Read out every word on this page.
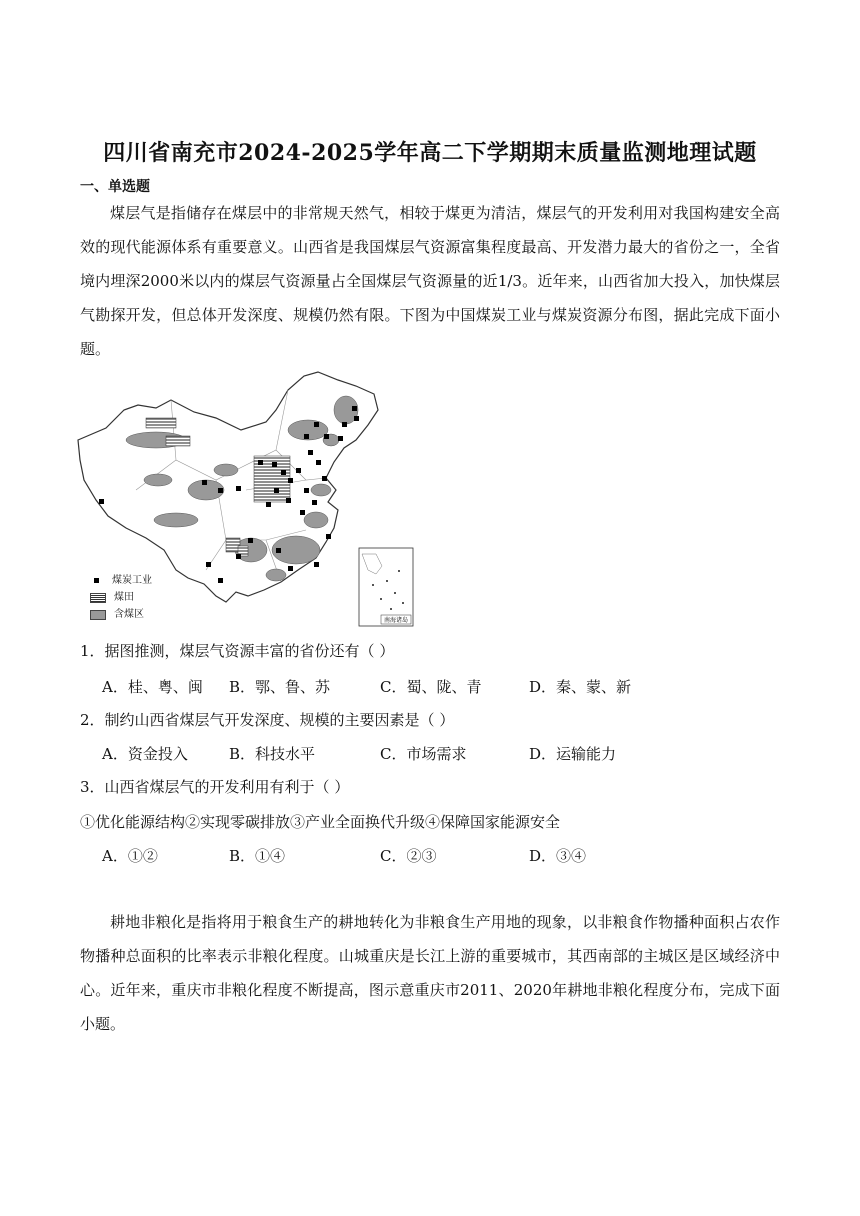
四川省南充市2024-2025学年高二下学期期末质量监测地理试题
一、单选题
煤层气是指储存在煤层中的非常规天然气，相较于煤更为清洁，煤层气的开发利用对我国构建安全高效的现代能源体系有重要意义。山西省是我国煤层气资源富集程度最高、开发潜力最大的省份之一，全省境内埋深2000米以内的煤层气资源量占全国煤层气资源量的近1/3。近年来，山西省加大投入，加快煤层气勘探开发，但总体开发深度、规模仍然有限。下图为中国煤炭工业与煤炭资源分布图，据此完成下面小题。
南海诸岛
煤炭工业
煤田
含煤区
1．据图推测，煤层气资源丰富的省份还有（ ）
A．桂、粤、闽 B．鄂、鲁、苏	C．蜀、陇、青	D．秦、蒙、新
2．制约山西省煤层气开发深度、规模的主要因素是（ ）
A．资金投入	B．科技水平	C．市场需求	D．运输能力
3．山西省煤层气的开发利用有利于（ ）
①优化能源结构②实现零碳排放③产业全面换代升级④保障国家能源安全
A．①②	B．①④	C．②③	D．③④
耕地非粮化是指将用于粮食生产的耕地转化为非粮食生产用地的现象，以非粮食作物播种面积占农作物播种总面积的比率表示非粮化程度。山城重庆是长江上游的重要城市，其西南部的主城区是区域经济中心。近年来，重庆市非粮化程度不断提高，图示意重庆市2011、2020年耕地非粮化程度分布，完成下面小题。
